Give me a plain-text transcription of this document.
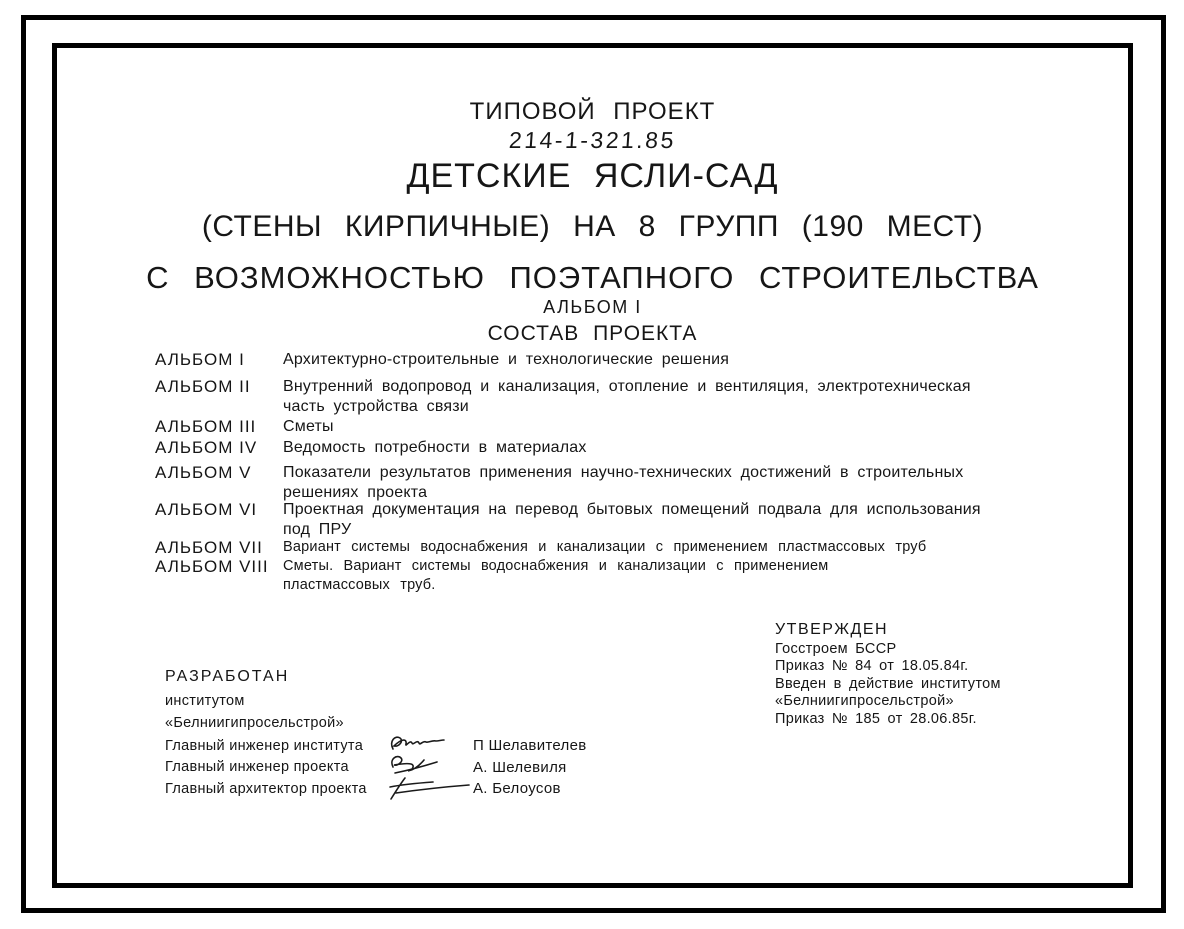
ТИПОВОЙ ПРОЕКТ
214-1-321.85
ДЕТСКИЕ ЯСЛИ-САД
(СТЕНЫ КИРПИЧНЫЕ) НА 8 ГРУПП (190 МЕСТ)
С ВОЗМОЖНОСТЬЮ ПОЭТАПНОГО СТРОИТЕЛЬСТВА
АЛЬБОМ I
СОСТАВ ПРОЕКТА
АЛЬБОМ I	Архитектурно-строительные и технологические решения
АЛЬБОМ II	Внутренний водопровод и канализация, отопление и вентиляция, электротехническая
часть устройства связи
АЛЬБОМ III	Сметы
АЛЬБОМ IV	Ведомость потребности в материалах
АЛЬБОМ V	Показатели результатов применения научно-технических достижений в строительных
решениях проекта
АЛЬБОМ VI	Проектная документация на перевод бытовых помещений подвала для использования
под ПРУ
АЛЬБОМ VII	Вариант системы водоснабжения и канализации с применением пластмассовых труб
АЛЬБОМ VIII Сметы. Вариант системы водоснабжения и канализации с применением
пластмассовых труб.
УТВЕРЖДЕН
Госстроем БССР
Приказ № 84 от 18.05.84г.
Введен в действие институтом
«Белниигипросельстрой»
Приказ № 185 от 28.06.85г.
РАЗРАБОТАН
институтом
«Белниигипросельстрой»
Главный инженер института	П Шелавителев
Главный инженер проекта	А. Шелевиля
Главный архитектор проекта	А. Белоусов
